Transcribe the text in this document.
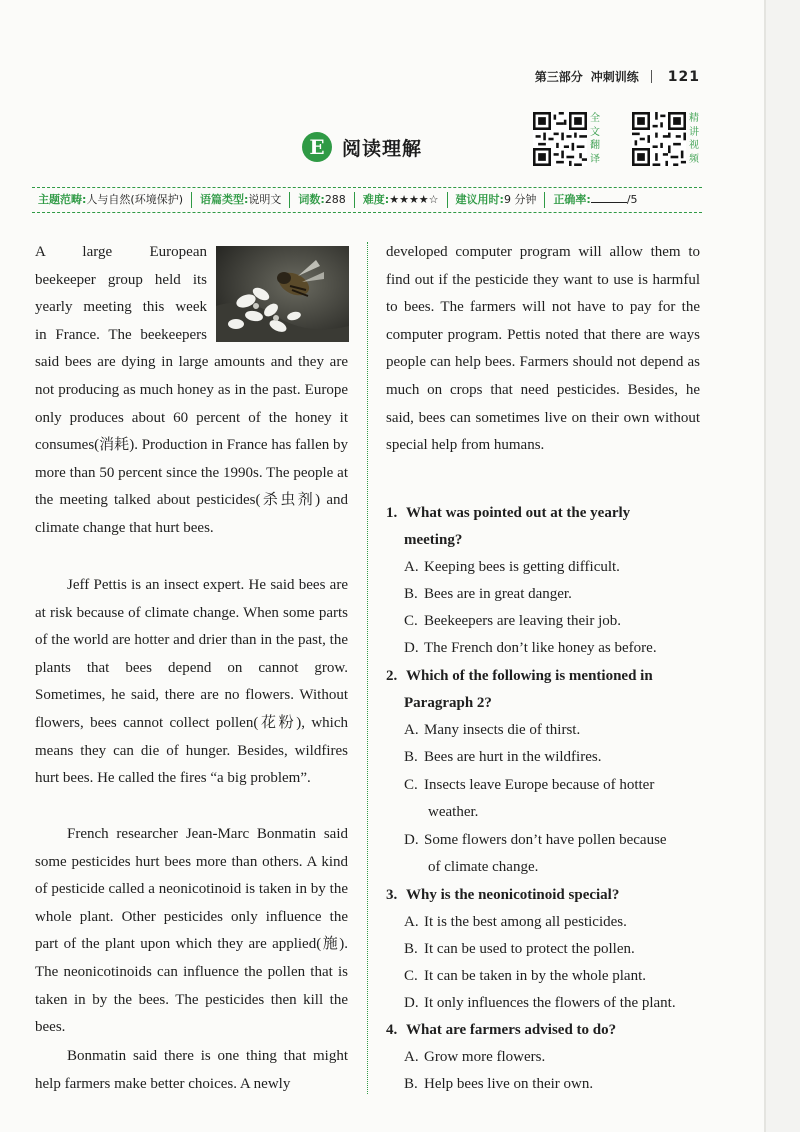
第三部分 冲刺训练 121
E 阅读理解
全
文
翻
译
精
讲
视
频
主题范畴:人与自然(环境保护)	语篇类型:说明文	词数:288	难度:★★★★☆	建议用时:9 分钟	正确率:	/5
A large European
beekeeper group held its
yearly meeting this week
in France. The beekeepers
said bees are dying in large amounts and they are not producing as much honey as in the past. Europe only produces about 60 percent of the honey it consumes(消耗). Production in France has fallen by more than 50 percent since the 1990s. The people at the meeting talked about pesticides(杀虫剂) and climate change that hurt bees.

Jeff Pettis is an insect expert. He said bees are at risk because of climate change. When some parts of the world are hotter and drier than in the past, the plants that bees depend on cannot grow. Sometimes, he said, there are no flowers. Without flowers, bees cannot collect pollen(花粉), which means they can die of hunger. Besides, wildfires hurt bees. He called the fires “a big problem”.

French researcher Jean-Marc Bonmatin said some pesticides hurt bees more than others. A kind of pesticide called a neonicotinoid is taken in by the whole plant. Other pesticides only influence the part of the plant upon which they are applied(施). The neonicotinoids can influence the pollen that is taken in by the bees. The pesticides then kill the bees.

Bonmatin said there is one thing that might help farmers make better choices. A newly

developed computer program will allow them to find out if the pesticide they want to use is harmful to bees. The farmers will not have to pay for the computer program. Pettis noted that there are ways people can help bees. Farmers should not depend as much on crops that need pesticides. Besides, he said, bees can sometimes live on their own without special help from humans.

1. What was pointed out at the yearly
meeting?

A. Keeping bees is getting difficult.

B. Bees are in great danger.

C. Beekeepers are leaving their job.

D. The French don’t like honey as before.

2. Which of the following is mentioned in
Paragraph 2?

A. Many insects die of thirst.

B. Bees are hurt in the wildfires.

C. Insects leave Europe because of hotter
weather.

D. Some flowers don’t have pollen because
of climate change.

3. Why is the neonicotinoid special?

A. It is the best among all pesticides.

B. It can be used to protect the pollen.

C. It can be taken in by the whole plant.

D. It only influences the flowers of the plant.

4. What are farmers advised to do?

A. Grow more flowers.

B. Help bees live on their own.
